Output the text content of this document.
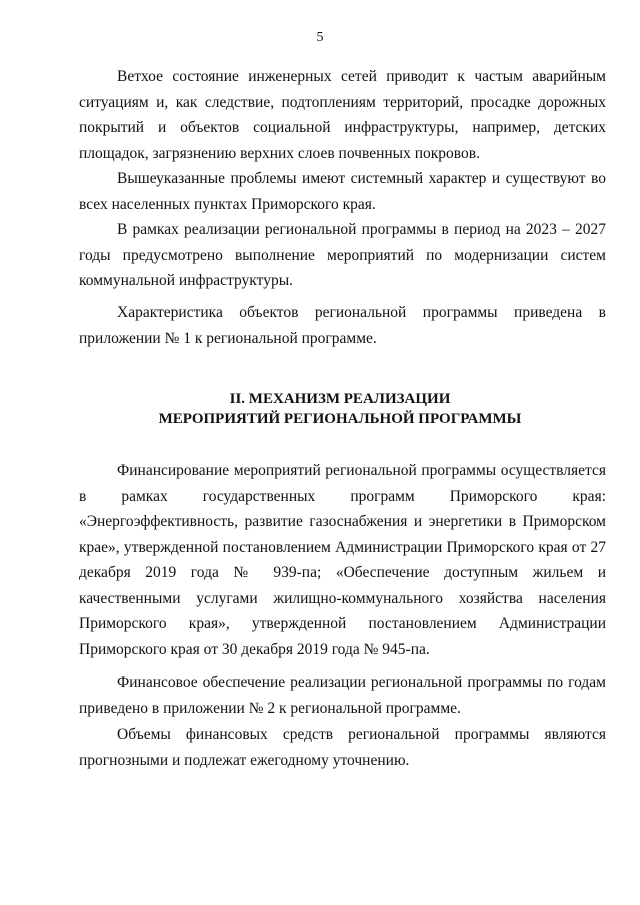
5

Ветхое состояние инженерных сетей приводит к частым аварийным ситуациям и, как следствие, подтоплениям территорий, просадке дорожных покрытий и объектов социальной инфраструктуры, например, детских площадок, загрязнению верхних слоев почвенных покровов.

Вышеуказанные проблемы имеют системный характер и существуют во всех населенных пунктах Приморского края.

В рамках реализации региональной программы в период на 2023 – 2027 годы предусмотрено выполнение мероприятий по модернизации систем коммунальной инфраструктуры.

Характеристика объектов региональной программы приведена в приложении № 1 к региональной программе.

II. МЕХАНИЗМ РЕАЛИЗАЦИИ
МЕРОПРИЯТИЙ РЕГИОНАЛЬНОЙ ПРОГРАММЫ

Финансирование мероприятий региональной программы осуществляется в рамках государственных программ Приморского края: «Энергоэффективность, развитие газоснабжения и энергетики в Приморском крае», утвержденной постановлением Администрации Приморского края от 27 декабря 2019 года № 939-па; «Обеспечение доступным жильем и качественными услугами жилищно-коммунального хозяйства населения Приморского края», утвержденной постановлением Администрации Приморского края от 30 декабря 2019 года № 945-па.

Финансовое обеспечение реализации региональной программы по годам приведено в приложении № 2 к региональной программе.

Объемы финансовых средств региональной программы являются прогнозными и подлежат ежегодному уточнению.
